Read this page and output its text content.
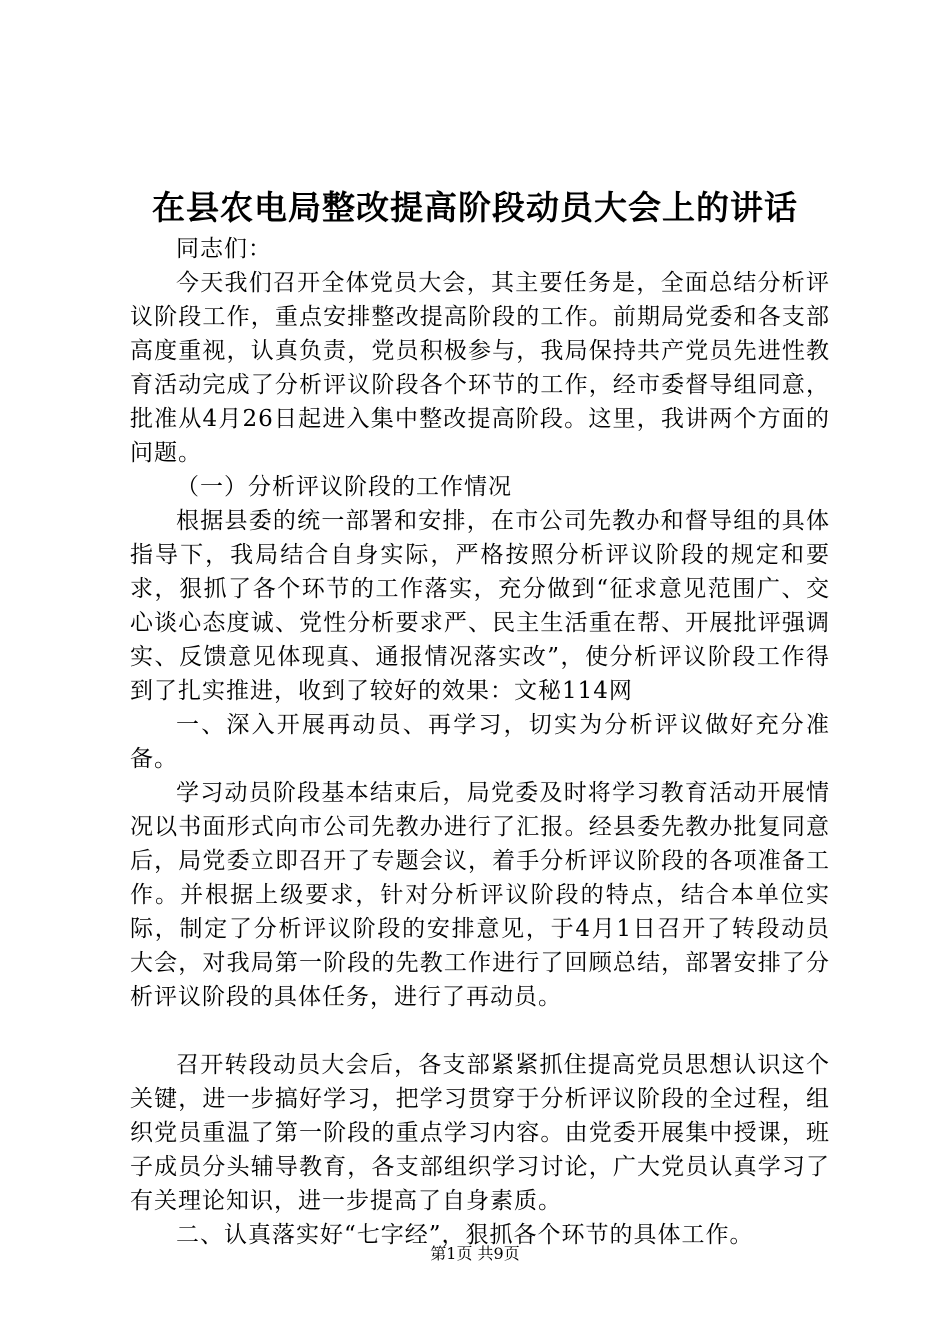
在县农电局整改提高阶段动员大会上的讲话

同志们：

今天我们召开全体党员大会，其主要任务是，全面总结分析评议阶段工作，重点安排整改提高阶段的工作。前期局党委和各支部高度重视，认真负责，党员积极参与，我局保持共产党员先进性教育活动完成了分析评议阶段各个环节的工作，经市委督导组同意，批准从4月26日起进入集中整改提高阶段。这里，我讲两个方面的问题。

（一）分析评议阶段的工作情况

根据县委的统一部署和安排，在市公司先教办和督导组的具体指导下，我局结合自身实际，严格按照分析评议阶段的规定和要求，狠抓了各个环节的工作落实，充分做到“征求意见范围广、交心谈心态度诚、党性分析要求严、民主生活重在帮、开展批评强调实、反馈意见体现真、通报情况落实改”，使分析评议阶段工作得到了扎实推进，收到了较好的效果：文秘114网

一、深入开展再动员、再学习，切实为分析评议做好充分准备。

学习动员阶段基本结束后，局党委及时将学习教育活动开展情况以书面形式向市公司先教办进行了汇报。经县委先教办批复同意后，局党委立即召开了专题会议，着手分析评议阶段的各项准备工作。并根据上级要求，针对分析评议阶段的特点，结合本单位实际，制定了分析评议阶段的安排意见，于4月1日召开了转段动员大会，对我局第一阶段的先教工作进行了回顾总结，部署安排了分析评议阶段的具体任务，进行了再动员。

召开转段动员大会后，各支部紧紧抓住提高党员思想认识这个关键，进一步搞好学习，把学习贯穿于分析评议阶段的全过程，组织党员重温了第一阶段的重点学习内容。由党委开展集中授课，班子成员分头辅导教育，各支部组织学习讨论，广大党员认真学习了有关理论知识，进一步提高了自身素质。

二、认真落实好“七字经”，狠抓各个环节的具体工作。

第1页 共9页
